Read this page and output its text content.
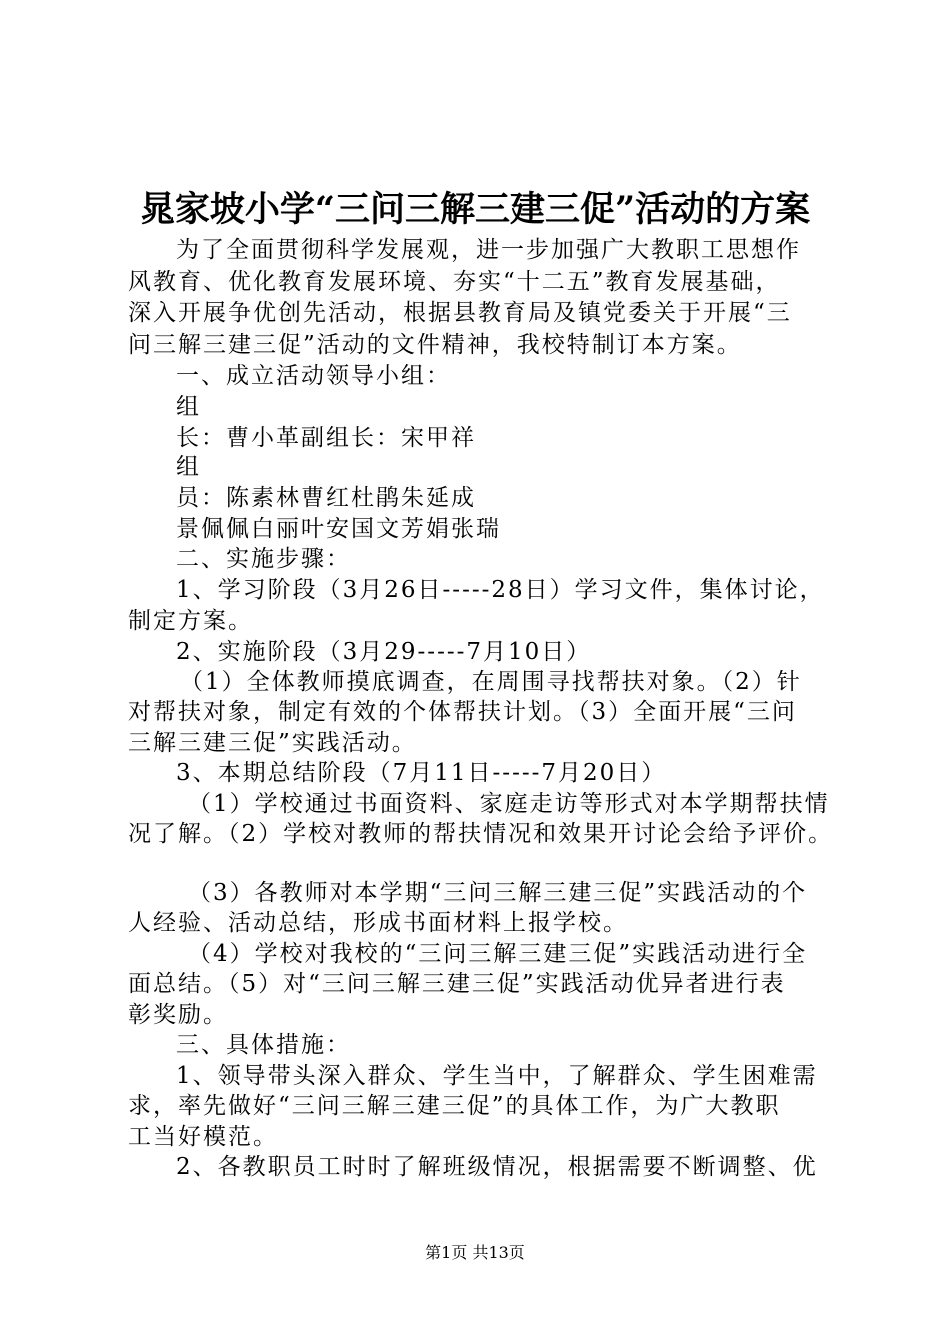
晁家坡小学“三问三解三建三促”活动的方案
为了全面贯彻科学发展观，进一步加强广大教职工思想作
风教育、优化教育发展环境、夯实“十二五”教育发展基础，
深入开展争优创先活动，根据县教育局及镇党委关于开展“三
问三解三建三促”活动的文件精神，我校特制订本方案。
一、成立活动领导小组：
组
长：曹小革副组长：宋甲祥
组
员：陈素林曹红杜鹃朱延成
景佩佩白丽叶安国文芳娟张瑞
二、实施步骤：
1、学习阶段（3月26日-----28日）学习文件，集体讨论，
制定方案。
2、实施阶段（3月29-----7月10日）
（1）全体教师摸底调查，在周围寻找帮扶对象。（2）针
对帮扶对象，制定有效的个体帮扶计划。（3）全面开展“三问
三解三建三促”实践活动。
3、本期总结阶段（7月11日-----7月20日）
（1）学校通过书面资料、家庭走访等形式对本学期帮扶情
况了解。（2）学校对教师的帮扶情况和效果开讨论会给予评价。
（3）各教师对本学期“三问三解三建三促”实践活动的个
人经验、活动总结，形成书面材料上报学校。
（4）学校对我校的“三问三解三建三促”实践活动进行全
面总结。（5）对“三问三解三建三促”实践活动优异者进行表
彰奖励。
三、具体措施：
1、领导带头深入群众、学生当中，了解群众、学生困难需
求，率先做好“三问三解三建三促”的具体工作，为广大教职
工当好模范。
2、各教职员工时时了解班级情况，根据需要不断调整、优
第1页 共13页
